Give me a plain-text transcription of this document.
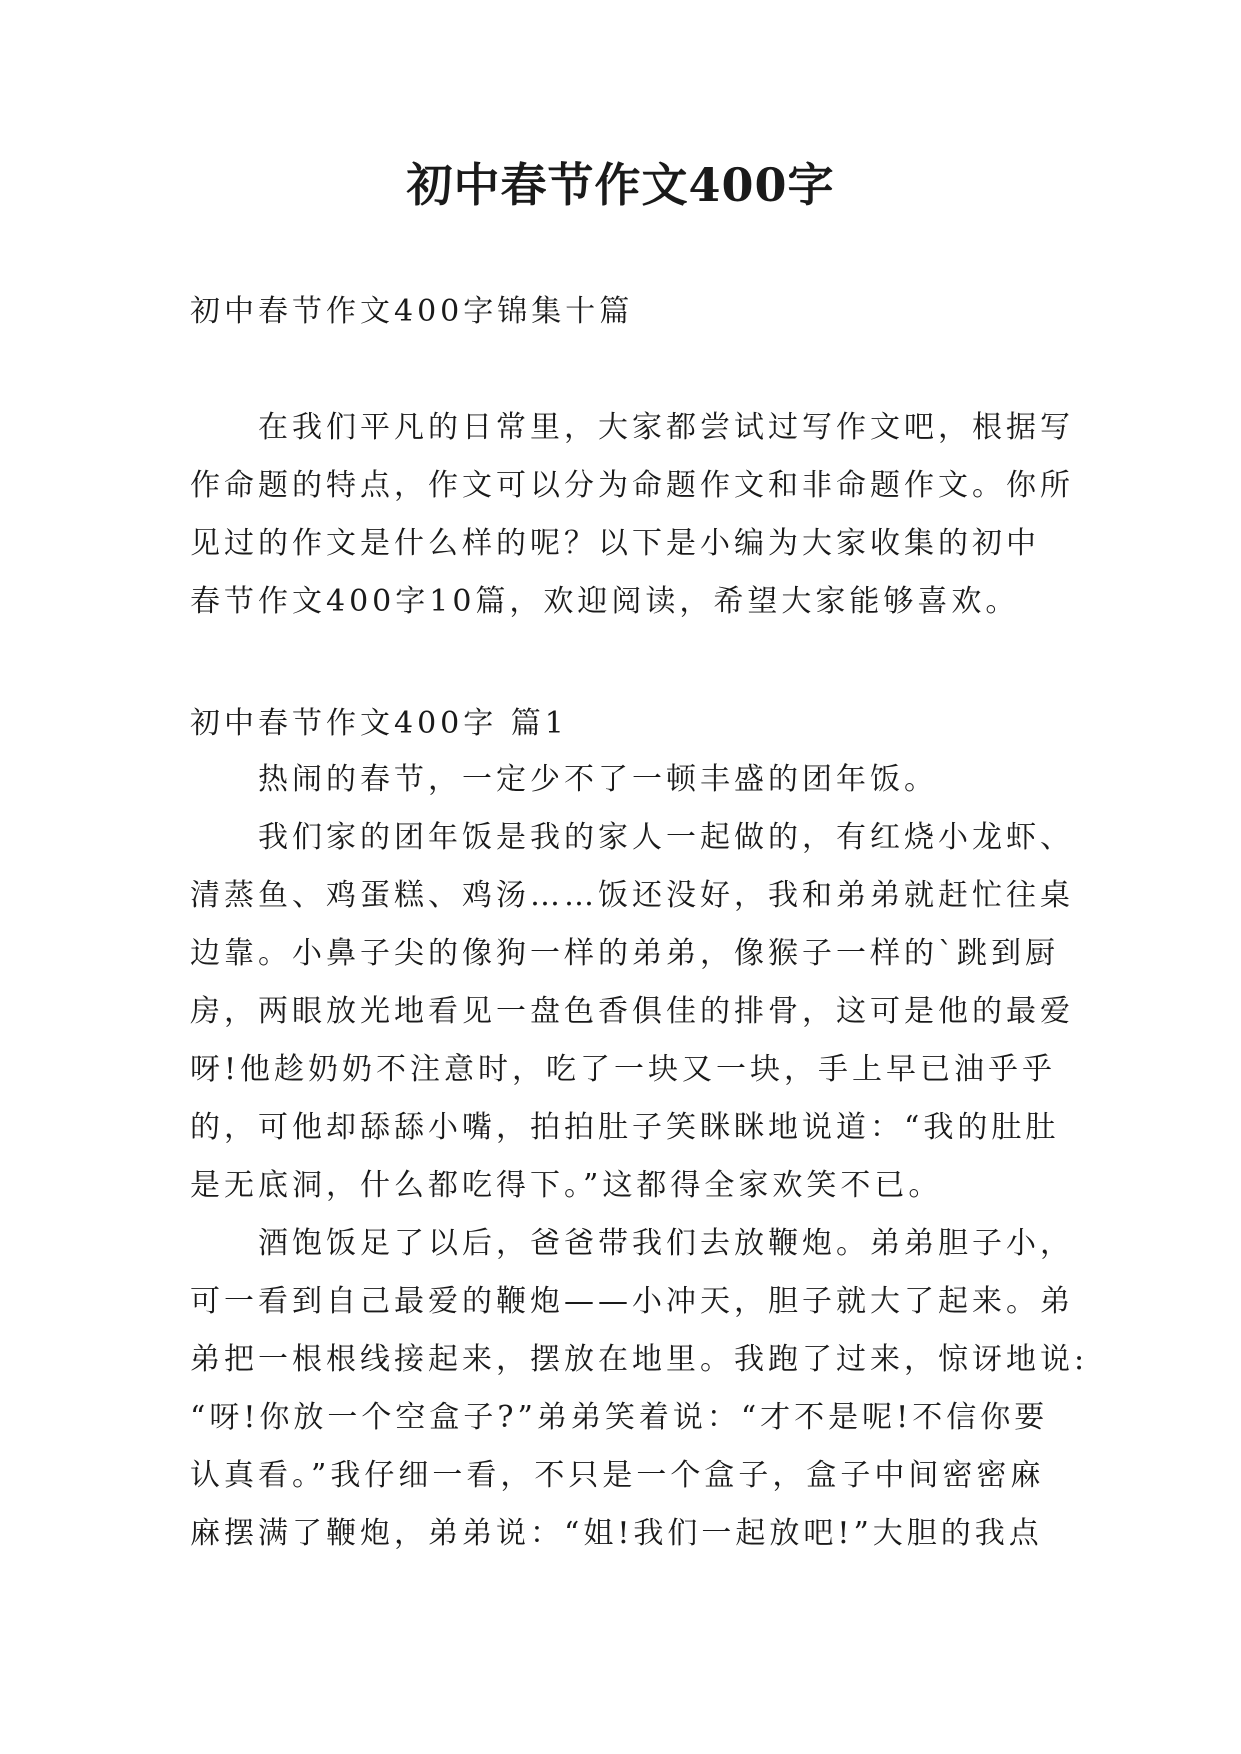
初中春节作文400字
初中春节作文400字锦集十篇
在我们平凡的日常里，大家都尝试过写作文吧，根据写
作命题的特点，作文可以分为命题作文和非命题作文。你所
见过的作文是什么样的呢？以下是小编为大家收集的初中
春节作文400字10篇，欢迎阅读，希望大家能够喜欢。
初中春节作文400字 篇1
热闹的春节，一定少不了一顿丰盛的团年饭。
我们家的团年饭是我的家人一起做的，有红烧小龙虾、
清蒸鱼、鸡蛋糕、鸡汤……饭还没好，我和弟弟就赶忙往桌
边靠。小鼻子尖的像狗一样的弟弟，像猴子一样的`跳到厨
房，两眼放光地看见一盘色香俱佳的排骨，这可是他的最爱
呀!他趁奶奶不注意时，吃了一块又一块，手上早已油乎乎
的，可他却舔舔小嘴，拍拍肚子笑眯眯地说道：“我的肚肚
是无底洞，什么都吃得下。”这都得全家欢笑不已。
酒饱饭足了以后，爸爸带我们去放鞭炮。弟弟胆子小，
可一看到自己最爱的鞭炮——小冲天，胆子就大了起来。弟
弟把一根根线接起来，摆放在地里。我跑了过来，惊讶地说:
“呀!你放一个空盒子?”弟弟笑着说：“才不是呢!不信你要
认真看。”我仔细一看，不只是一个盒子，盒子中间密密麻
麻摆满了鞭炮，弟弟说：“姐!我们一起放吧!”大胆的我点
